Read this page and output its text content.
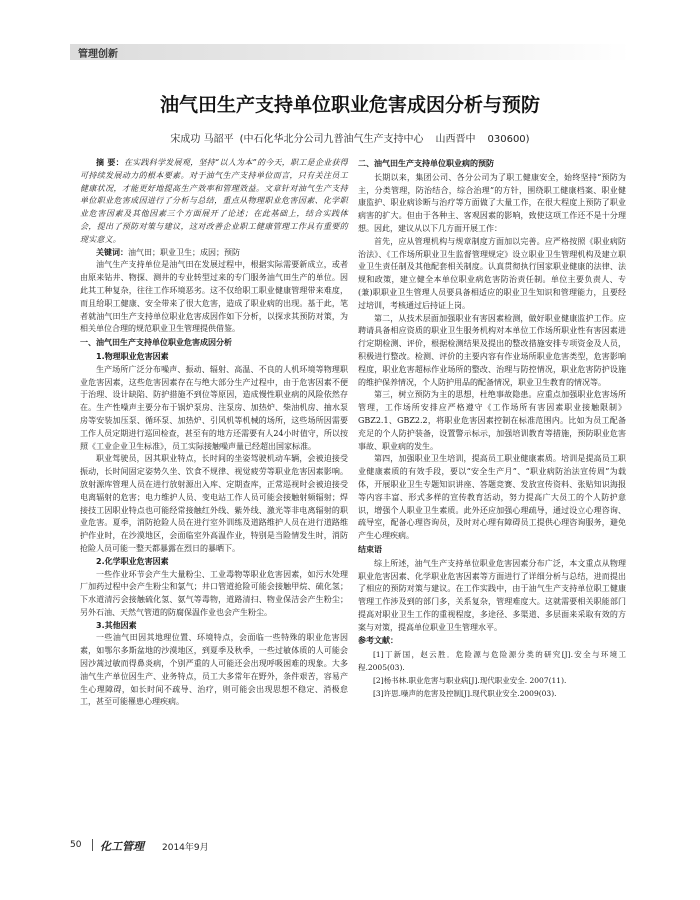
管理创新
油气田生产支持单位职业危害成因分析与预防
宋成功 马韶平 (中石化华北分公司九普油气生产支持中心 山西晋中 030600)

摘 要：在实践科学发展观，坚持“以人为本”的今天，职工是企业获得可持续发展动力的根本要素。对于油气生产支持单位而言，只有关注员工健康状况，才能更好地提高生产效率和管理效益。文章针对油气生产支持单位职业危害成因进行了分析与总结，重点从物理职业危害因素、化学职业危害因素及其他因素三个方面展开了论述；在此基础上，结合实践体会，提出了预防对策与建议，这对改善企业职工健康管理工作具有重要的现实意义。

关键词：油气田；职业卫生；成因；预防

油气生产支持单位是油气田在发展过程中，根据实际需要新成立，或者由原来钻井、物探、测井的专业转型过来的专门服务油气田生产的单位。因此其工种复杂，往往工作环境恶劣。这不仅给职工职业健康管理带来难度，而且给职工健康、安全带来了很大危害，造成了职业病的出现。基于此，笔者就油气田生产支持单位职业危害成因作如下分析，以探求其预防对策，为相关单位合理的规范职业卫生管理提供借鉴。

一、油气田生产支持单位职业危害成因分析
1.物理职业危害因素

生产场所广泛分布噪声、振动、辐射、高温、不良的人机环境等物理职业危害因素，这些危害因素存在与绝大部分生产过程中，由于危害因素不便于治理、设计缺陷、防护措施不到位等原因，造成慢性职业病的风险依然存在。生产性噪声主要分布于锅炉泵房、注泵房、加热炉、柴油机房、抽水泵房等安装加压泵、循环泵、加热炉、引风机等机械的场所，这些场所因需要工作人员定期进行巡回检查，甚至有的地方还需要有人24小时值守，所以按照《工业企业卫生标准》，员工实际接触噪声量已经超出国家标准。

职业驾驶员，因其职业特点，长时间的坐姿驾驶机动车辆，会被迫接受振动，长时间固定姿势久坐、饮食不规律、视觉疲劳等职业危害因素影响。放射源库管理人员在进行放射源出入库、定期查库，正常巡视时会被迫接受电离辐射的危害；电力维护人员、变电站工作人员可能会接触射频辐射；焊接技工因职业特点也可能经常接触红外线、紫外线、激光等非电离辐射的职业危害。夏季，消防抢险人员在进行室外训练及道路维护人员在进行道路维护作业时，在沙漠地区，会面临室外高温作业，特别是当险情发生时，消防抢险人员可能一整天都暴露在烈日的暴晒下。

2.化学职业危害因素

一些作业环节会产生大量粉尘、工业毒物等职业危害因素，如污水处理厂加药过程中会产生粉尘和氯气；井口管道抢险可能会接触甲烷、硫化氢；下水道清污会接触硫化氢、氨气等毒物，道路清扫、物业保洁会产生粉尘；另外石油、天然气管道的防腐保温作业也会产生粉尘。

3.其他因素

一些油气田因其地理位置、环境特点，会面临一些特殊的职业危害因素，如鄂尔多斯盆地的沙漠地区，到夏季及秋季，一些过敏体质的人可能会因沙蒿过敏而得鼻炎病，个别严重的人可能还会出现呼吸困难的现象。大多油气生产单位因生产、业务特点，员工大多常年在野外，条件艰苦，容易产生心理障碍，如长时间不疏导、治疗，则可能会出现思想不稳定、消极怠工，甚至可能罹患心理疾病。

二、油气田生产支持单位职业病的预防

长期以来，集团公司、各分公司为了职工健康安全，始终坚持“预防为主，分类管理，防治结合，综合治理”的方针，围绕职工健康档案、职业健康监护、职业病诊断与治疗等方面做了大量工作，在很大程度上预防了职业病害的扩大。但由于各种主、客观因素的影响，致使这项工作还不是十分理想。因此，建议从以下几方面开展工作：

首先，应从管理机构与规章制度方面加以完善。应严格按照《职业病防治法》、《工作场所职业卫生监督管理规定》设立职业卫生管理机构及建立职业卫生责任制及其他配套相关制度。认真贯彻执行国家职业健康的法律、法规和政策，建立健全本单位职业病危害防治责任制。单位主要负责人、专(兼)职职业卫生管理人员要具备相适应的职业卫生知识和管理能力，且要经过培训，考核通过后持证上岗。

第二，从技术层面加强职业有害因素检测，做好职业健康监护工作。应聘请具备相应资质的职业卫生服务机构对本单位工作场所职业性有害因素进行定期检测、评价，根据检测结果及提出的整改措施安排专项资金及人员，积极进行整改。检测、评价的主要内容有作业场所职业危害类型，危害影响程度，职业危害超标作业场所的整改、治理与防控情况，职业危害防护设施的维护保养情况，个人防护用品的配备情况，职业卫生教育的情况等。

第三，树立预防为主的思想，杜绝事故隐患。应重点加强职业危害场所管理，工作场所安排应严格遵守《工作场所有害因素职业接触限制》GBZ2.1、GBZ2.2，将职业危害因素控制在标准范围内。比如为员工配备充足的个人防护装备，设置警示标示，加强培训教育等措施，预防职业危害事故、职业病的发生。

第四，加强职业卫生培训，提高员工职业健康素质。培训是提高员工职业健康素质的有效手段，要以“安全生产月”、“职业病防治法宣传周”为载体，开展职业卫生专题知识讲座、答题竞赛、发放宣传资料、张贴知识海报等内容丰富、形式多样的宣传教育活动，努力提高广大员工的个人防护意识，增强个人职业卫生素质。此外还应加强心理疏导，通过设立心理咨询、疏导室，配备心理咨询员，及时对心理有障碍员工提供心理咨询服务，避免产生心理疾病。

结束语

综上所述，油气生产支持单位职业危害因素分布广泛，本文重点从物理职业危害因素、化学职业危害因素等方面进行了详细分析与总结，进而提出了相应的预防对策与建议。在工作实践中，由于油气生产支持单位职工健康管理工作涉及到的部门多，关系复杂，管理难度大。这就需要相关职能部门提高对职业卫生工作的重视程度，多途径、多渠道、多层面来采取有效的方案与对策，提高单位职业卫生管理水平。

参考文献：

[1]丁新国，赵云胜．危险源与危险源分类的研究[J].安全与环境工程.2005(03).

[2]杨书林.职业危害与职业病[J].现代职业安全. 2007(11).

[3]许思.噪声的危害及控制[J].现代职业安全.2009(03).

50 化工管理 2014年9月
